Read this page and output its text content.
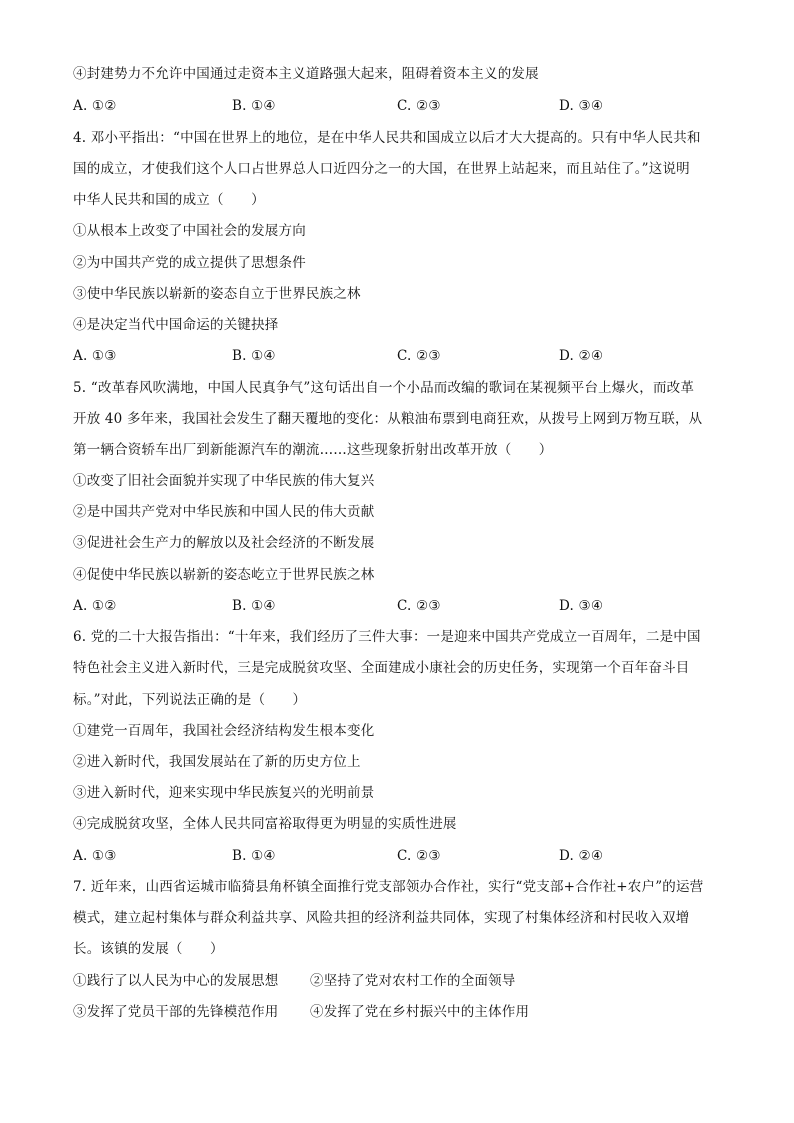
④封建势力不允许中国通过走资本主义道路强大起来，阻碍着资本主义的发展
A. ①②	B. ①④	C. ②③	D. ③④
4. 邓小平指出：“中国在世界上的地位，是在中华人民共和国成立以后才大大提高的。只有中华人民共和
国的成立，才使我们这个人口占世界总人口近四分之一的大国，在世界上站起来，而且站住了。”这说明
中华人民共和国的成立（　　）
①从根本上改变了中国社会的发展方向
②为中国共产党的成立提供了思想条件
③使中华民族以崭新的姿态自立于世界民族之林
④是决定当代中国命运的关键抉择
A. ①③	B. ①④	C. ②③	D. ②④
5. “改革春风吹满地，中国人民真争气”这句话出自一个小品而改编的歌词在某视频平台上爆火，而改革
开放 40 多年来，我国社会发生了翻天覆地的变化：从粮油布票到电商狂欢，从拨号上网到万物互联，从
第一辆合资轿车出厂到新能源汽车的潮流……这些现象折射出改革开放（　　）
①改变了旧社会面貌并实现了中华民族的伟大复兴
②是中国共产党对中华民族和中国人民的伟大贡献
③促进社会生产力的解放以及社会经济的不断发展
④促使中华民族以崭新的姿态屹立于世界民族之林
A. ①②	B. ①④	C. ②③	D. ③④
6. 党的二十大报告指出：“十年来，我们经历了三件大事：一是迎来中国共产党成立一百周年，二是中国
特色社会主义进入新时代，三是完成脱贫攻坚、全面建成小康社会的历史任务，实现第一个百年奋斗目
标。”对此，下列说法正确的是（　　）
①建党一百周年，我国社会经济结构发生根本变化
②进入新时代，我国发展站在了新的历史方位上
③进入新时代，迎来实现中华民族复兴的光明前景
④完成脱贫攻坚，全体人民共同富裕取得更为明显的实质性进展
A. ①③	B. ①④	C. ②③	D. ②④
7. 近年来，山西省运城市临猗县角杯镇全面推行党支部领办合作社，实行“党支部+合作社+农户”的运营
模式，建立起村集体与群众利益共享、风险共担的经济利益共同体，实现了村集体经济和村民收入双增
长。该镇的发展（　　）
①践行了以人民为中心的发展思想 ②坚持了党对农村工作的全面领导
③发挥了党员干部的先锋模范作用 ④发挥了党在乡村振兴中的主体作用
